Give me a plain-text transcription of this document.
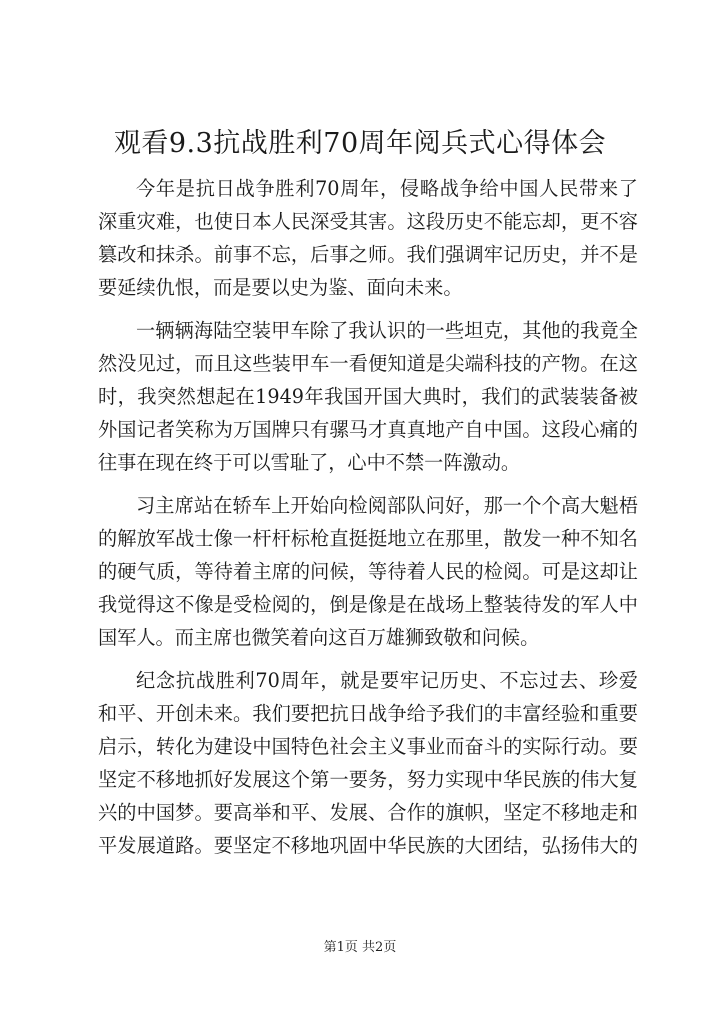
观看9.3抗战胜利70周年阅兵式心得体会
今年是抗日战争胜利70周年，侵略战争给中国人民带来了
深重灾难，也使日本人民深受其害。这段历史不能忘却，更不容
篡改和抹杀。前事不忘，后事之师。我们强调牢记历史，并不是
要延续仇恨，而是要以史为鉴、面向未来。
一辆辆海陆空装甲车除了我认识的一些坦克，其他的我竟全
然没见过，而且这些装甲车一看便知道是尖端科技的产物。在这
时，我突然想起在1949年我国开国大典时，我们的武装装备被
外国记者笑称为万国牌只有骡马才真真地产自中国。这段心痛的
往事在现在终于可以雪耻了，心中不禁一阵激动。
习主席站在轿车上开始向检阅部队问好，那一个个高大魁梧
的解放军战士像一杆杆标枪直挺挺地立在那里，散发一种不知名
的硬气质，等待着主席的问候，等待着人民的检阅。可是这却让
我觉得这不像是受检阅的，倒是像是在战场上整装待发的军人中
国军人。而主席也微笑着向这百万雄狮致敬和问候。
纪念抗战胜利70周年，就是要牢记历史、不忘过去、珍爱
和平、开创未来。我们要把抗日战争给予我们的丰富经验和重要
启示，转化为建设中国特色社会主义事业而奋斗的实际行动。要
坚定不移地抓好发展这个第一要务，努力实现中华民族的伟大复
兴的中国梦。要高举和平、发展、合作的旗帜，坚定不移地走和
平发展道路。要坚定不移地巩固中华民族的大团结，弘扬伟大的
第1页 共2页
